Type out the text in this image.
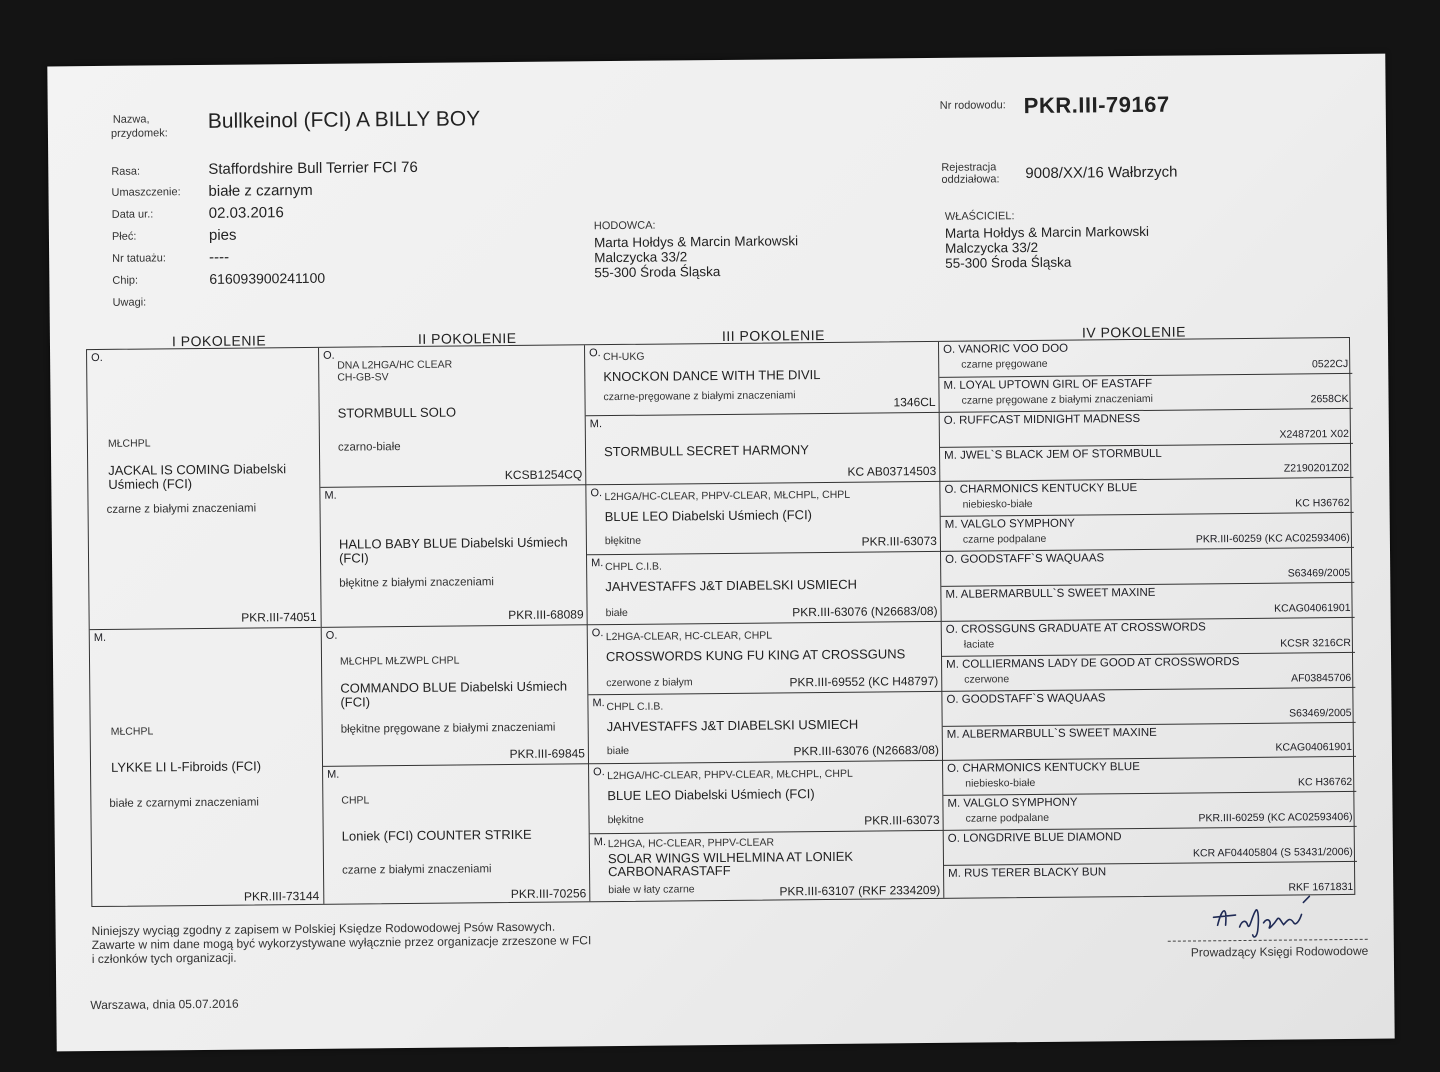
Nazwa,
przydomek:
Bullkeinol (FCI) A BILLY BOY
Nr rodowodu: PKR.III-79167
Rasa:	Staffordshire Bull Terrier FCI 76
Umaszczenie: białe z czarnym
Data ur.:	02.03.2016
Płeć:	pies
Nr tatuażu:	----
Chip:	616093900241100
Uwagi:
Rejestracja
oddziałowa: 9008/XX/16 Wałbrzych
HODOWCA:
Marta Hołdys & Marcin Markowski
Malczycka 33/2
55-300 Środa Śląska
WŁAŚCICIEL:
Marta Hołdys & Marcin Markowski
Malczycka 33/2
55-300 Środa Śląska
I POKOLENIE	II POKOLENIE	III POKOLENIE	IV POKOLENIE
O.
MŁCHPL
JACKAL IS COMING Diabelski Uśmiech (FCI)
czarne z białymi znaczeniami
PKR.III-74051
M.
MŁCHPL
LYKKE LI L-Fibroids (FCI)
białe z czarnymi znaczeniami
PKR.III-73144
O.
DNA L2HGA/HC CLEAR
CH-GB-SV
STORMBULL SOLO
czarno-białe
KCSB1254CQ
M.
HALLO BABY BLUE Diabelski Uśmiech (FCI)
błękitne z białymi znaczeniami
PKR.III-68089
O.
MŁCHPL MŁZWPL CHPL
COMMANDO BLUE Diabelski Uśmiech (FCI)
błękitne pręgowane z białymi znaczeniami
PKR.III-69845
M.
CHPL
Loniek (FCI) COUNTER STRIKE
czarne z białymi znaczeniami
PKR.III-70256
O. CH-UKG
KNOCKON DANCE WITH THE DIVIL
czarne-pręgowane z białymi znaczeniami	1346CL
M.
STORMBULL SECRET HARMONY
KC AB03714503
O. L2HGA/HC-CLEAR, PHPV-CLEAR, MŁCHPL, CHPL
BLUE LEO Diabelski Uśmiech (FCI)
błękitne	PKR.III-63073
M. CHPL C.I.B.
JAHVESTAFFS J&T DIABELSKI USMIECH
białe	PKR.III-63076 (N26683/08)
O. L2HGA-CLEAR, HC-CLEAR, CHPL
CROSSWORDS KUNG FU KING AT CROSSGUNS
czerwone z białym	PKR.III-69552 (KC H48797)
M. CHPL C.I.B.
JAHVESTAFFS J&T DIABELSKI USMIECH
białe	PKR.III-63076 (N26683/08)
O. L2HGA/HC-CLEAR, PHPV-CLEAR, MŁCHPL, CHPL
BLUE LEO Diabelski Uśmiech (FCI)
błękitne	PKR.III-63073
M. L2HGA, HC-CLEAR, PHPV-CLEAR
SOLAR WINGS WILHELMINA AT LONIEK
CARBONARASTAFF
białe w łaty czarne	PKR.III-63107 (RKF 2334209)
O. VANORIC VOO DOO
czarne pręgowane	0522CJ
M. LOYAL UPTOWN GIRL OF EASTAFF
czarne pręgowane z białymi znaczeniami	2658CK
O. RUFFCAST MIDNIGHT MADNESS
X2487201 X02
M. JWEL`S BLACK JEM OF STORMBULL
Z2190201Z02
O. CHARMONICS KENTUCKY BLUE
niebiesko-białe	KC H36762
M. VALGLO SYMPHONY
czarne podpalane	PKR.III-60259 (KC AC02593406)
O. GOODSTAFF`S WAQUAAS
S63469/2005
M. ALBERMARBULL`S SWEET MAXINE
KCAG04061901
O. CROSSGUNS GRADUATE AT CROSSWORDS
łaciate	KCSR 3216CR
M. COLLIERMANS LADY DE GOOD AT CROSSWORDS
czerwone	AF03845706
O. GOODSTAFF`S WAQUAAS
S63469/2005
M. ALBERMARBULL`S SWEET MAXINE
KCAG04061901
O. CHARMONICS KENTUCKY BLUE
niebiesko-białe	KC H36762
M. VALGLO SYMPHONY
czarne podpalane	PKR.III-60259 (KC AC02593406)
O. LONGDRIVE BLUE DIAMOND
KCR AF04405804 (S 53431/2006)
M. RUS TERER BLACKY BUN
RKF 1671831
Niniejszy wyciąg zgodny z zapisem w Polskiej Księdze Rodowodowej Psów Rasowych.
Zawarte w nim dane mogą być wykorzystywane wyłącznie przez organizacje zrzeszone w FCI
i członków tych organizacji.
Warszawa, dnia 05.07.2016
Prowadzący Księgi Rodowodowe
